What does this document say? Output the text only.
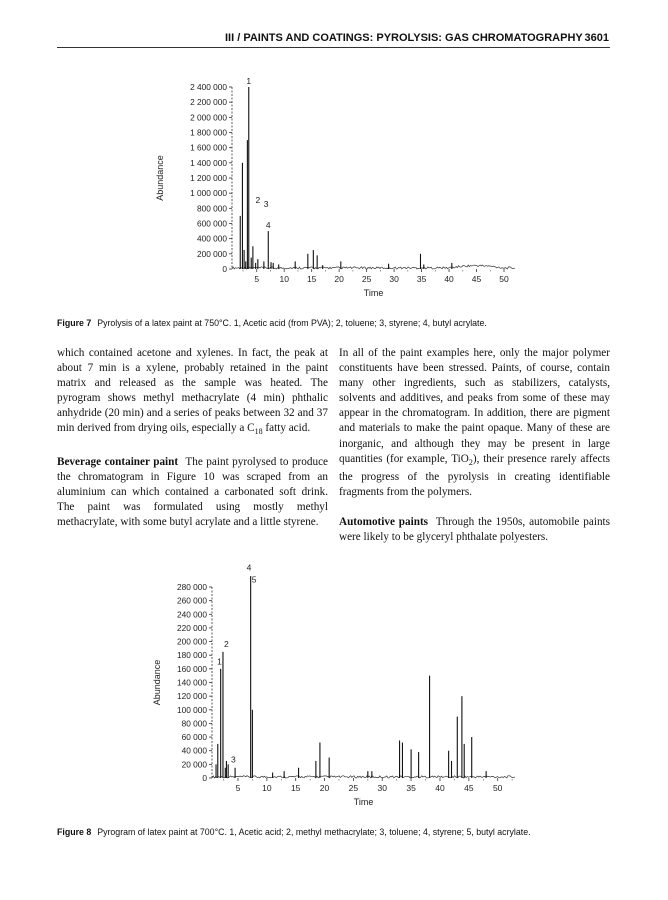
III / PAINTS AND COATINGS: PYROLYSIS: GAS CHROMATOGRAPHY 3601
0
200 000
400 000
600 000
800 000
1 000 000
1 200 000
1 400 000
1 600 000
1 800 000
2 000 000
2 200 000
2 400 000
5 10 15 20 25 30 35 40 45 50
1
2 3
4
Time
Abundance
Figure 7 Pyrolysis of a latex paint at 750°C. 1, Acetic acid (from PVA); 2, toluene; 3, styrene; 4, butyl acrylate.

which contained acetone and xylenes. In fact, the peak at about 7 min is a xylene, probably retained in the paint matrix and released as the sample was heated. The pyrogram shows methyl methacrylate (4 min) phthalic anhydride (20 min) and a series of peaks between 32 and 37 min derived from drying oils, especially a $C_{18}$ fatty acid.

Beverage container paint The paint pyrolysed to produce the chromatogram in Figure 10 was scraped from an aluminium can which contained a carbonated soft drink. The paint was formulated using mostly methyl methacrylate, with some butyl acrylate and a little styrene.

In all of the paint examples here, only the major polymer constituents have been stressed. Paints, of course, contain many other ingredients, such as stabilizers, catalysts, solvents and additives, and peaks from some of these may appear in the chromatogram. In addition, there are pigment and materials to make the paint opaque. Many of these are inorganic, and although they may be present in large quantities (for example, TiO$_2$), their presence rarely affects the progress of the pyrolysis in creating identifiable fragments from the polymers.

Automotive paints Through the 1950s, automobile paints were likely to be glyceryl phthalate polyesters.

0
20 000
40 000
60 000
80 000
100 000
120 000
140 000
160 000
180 000
200 000
220 000
240 000
260 000
280 000
5	10 15 20 25 30 35 40 45 50
1
2
3
4
5
Time
Abundance
Figure 8 Pyrogram of latex paint at 700°C. 1, Acetic acid; 2, methyl methacrylate; 3, toluene; 4, styrene; 5, butyl acrylate.
